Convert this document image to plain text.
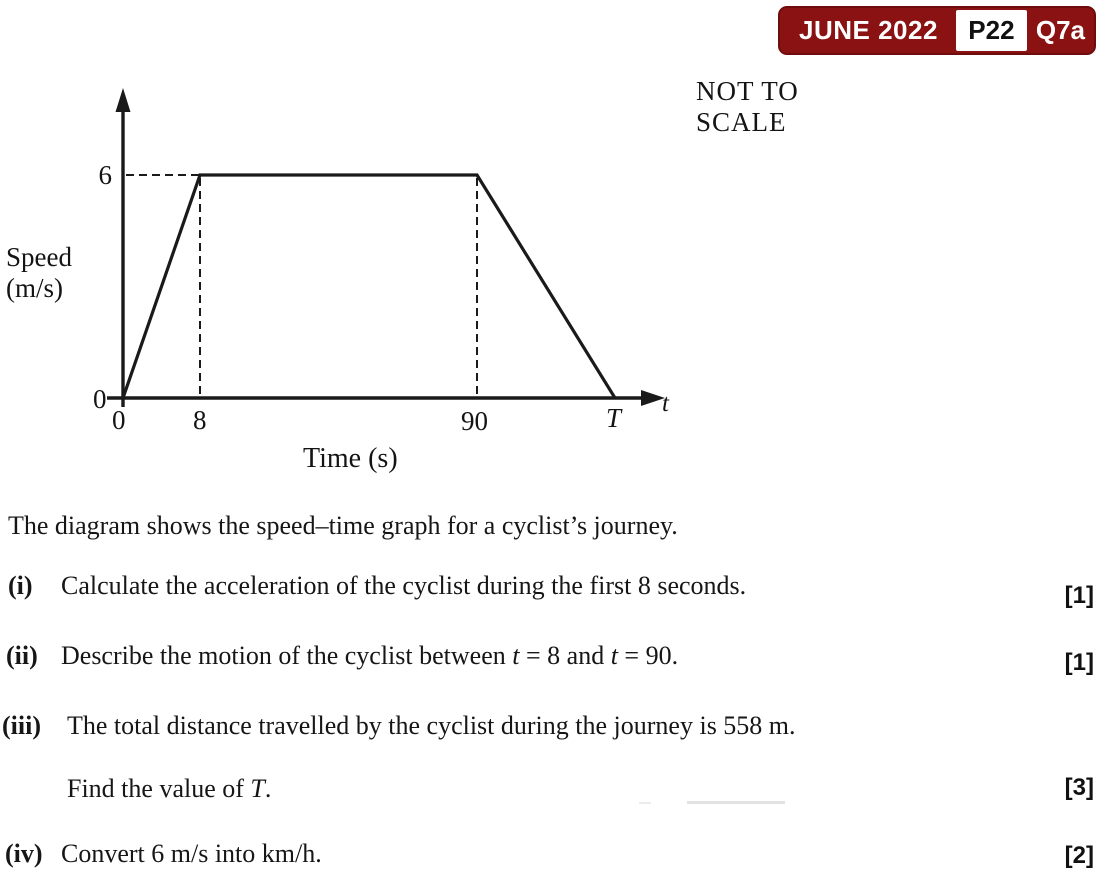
JUNE 2022	P22 Q7a
Speed
(m/s)
6
0
0	8	90	T t
Time (s)
NOT TO
SCALE
The diagram shows the speed–time graph for a cyclist’s journey.
(i) Calculate the acceleration of the cyclist during the first 8 seconds.	[1]
(ii) Describe the motion of the cyclist between t = 8 and t = 90.	[1]
(iii) The total distance travelled by the cyclist during the journey is 558 m.
Find the value of T.	[3]
(iv) Convert 6 m/s into km/h.	[2]
